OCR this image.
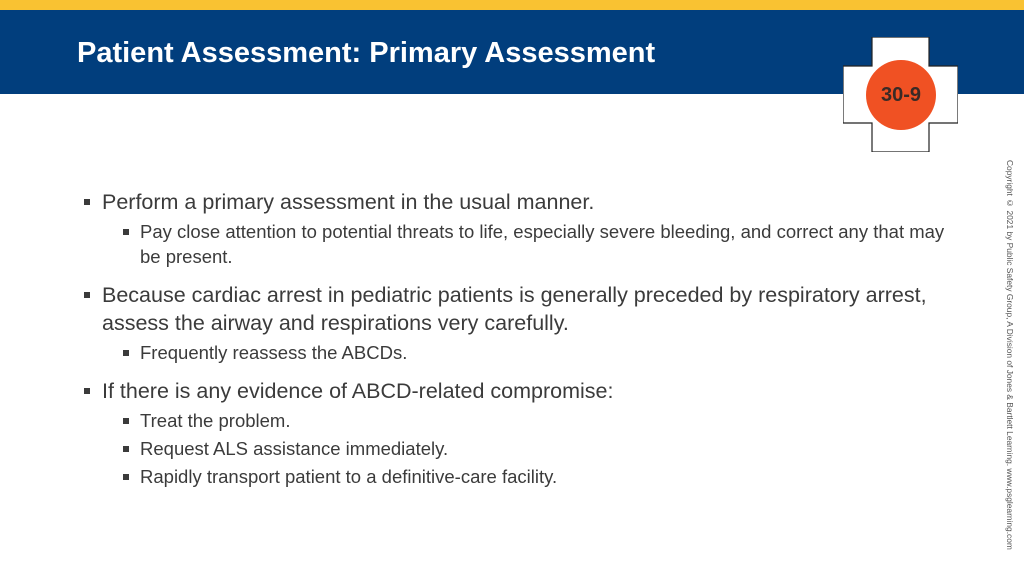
Patient Assessment: Primary Assessment
30-9
Copyright © 2021 by Public Safety Group, A Division of Jones & Bartlett Learning. www.psglearning.com
Perform a primary assessment in the usual manner.
Pay close attention to potential threats to life, especially severe bleeding, and correct any that may be present.
Because cardiac arrest in pediatric patients is generally preceded by respiratory arrest, assess the airway and respirations very carefully.
Frequently reassess the ABCDs.
If there is any evidence of ABCD-related compromise:
Treat the problem.
Request ALS assistance immediately.
Rapidly transport patient to a definitive-care facility.
